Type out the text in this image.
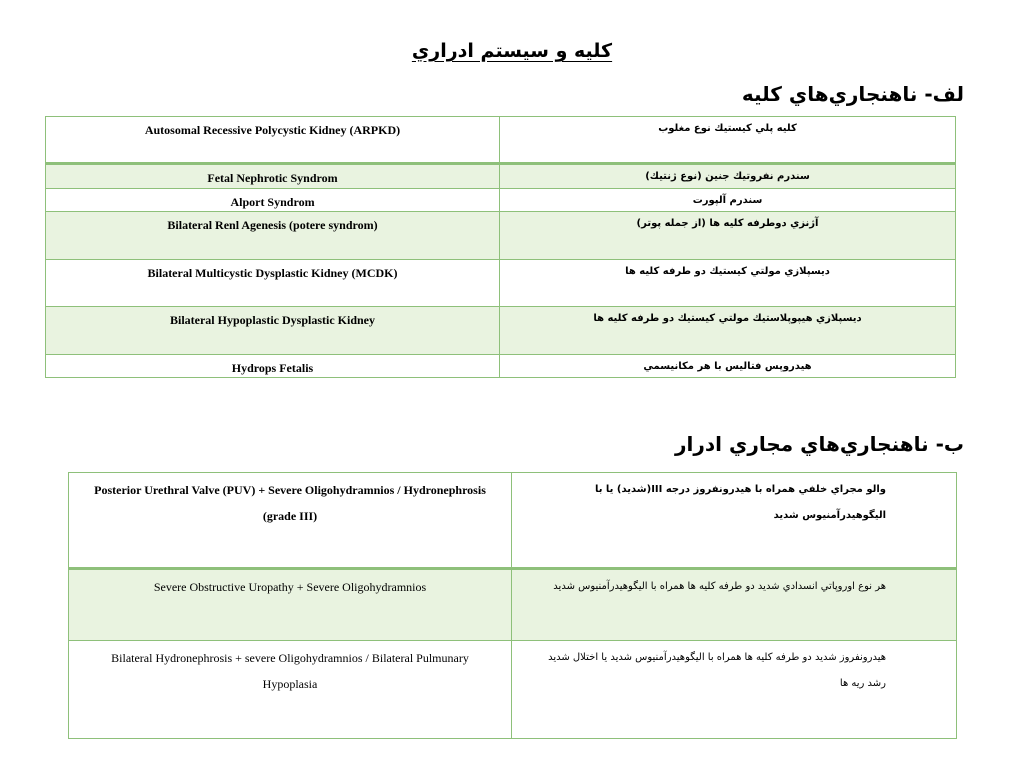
كليه و سيستم ادراري
لف- ناهنجاري‌هاي كليه
Autosomal Recessive Polycystic Kidney (ARPKD)	كليه پلي كيستيك نوع مغلوب
Fetal Nephrotic Syndrom	سندرم نفروتيك جنين (نوع ژنتيك)
Alport Syndrom	سندرم آلپورت
Bilateral Renl Agenesis (potere syndrom)	آژنزي دوطرفه كليه ها (از جمله پوتر)
Bilateral Multicystic Dysplastic Kidney (MCDK)	ديسپلازي مولتي كيستيك دو طرفه كليه ها
Bilateral Hypoplastic Dysplastic Kidney	ديسپلازي هيپوپلاستيك مولتي كيستيك دو طرفه كليه ها
Hydrops Fetalis	هيدروپس فتاليس با هر مكانيسمي
ب- ناهنجاري‌هاي مجاري ادرار
Posterior Urethral Valve (PUV) + Severe Oligohydramnios / Hydronephrosis (grade III)	والو مجراي خلفي همراه با هيدرونفروز درجه III(شديد) يا با اليگوهيدرآمنيوس شديد
Severe Obstructive Uropathy + Severe Oligohydramnios	هر نوع اوروپاتي انسدادي شديد دو طرفه كليه ها همراه با اليگوهيدرآمنيوس شديد
Bilateral Hydronephrosis + severe Oligohydramnios / Bilateral Pulmunary Hypoplasia	هيدرونفروز شديد دو طرفه كليه ها همراه با اليگوهيدرآمنيوس شديد يا اختلال شديد رشد ريه ها
